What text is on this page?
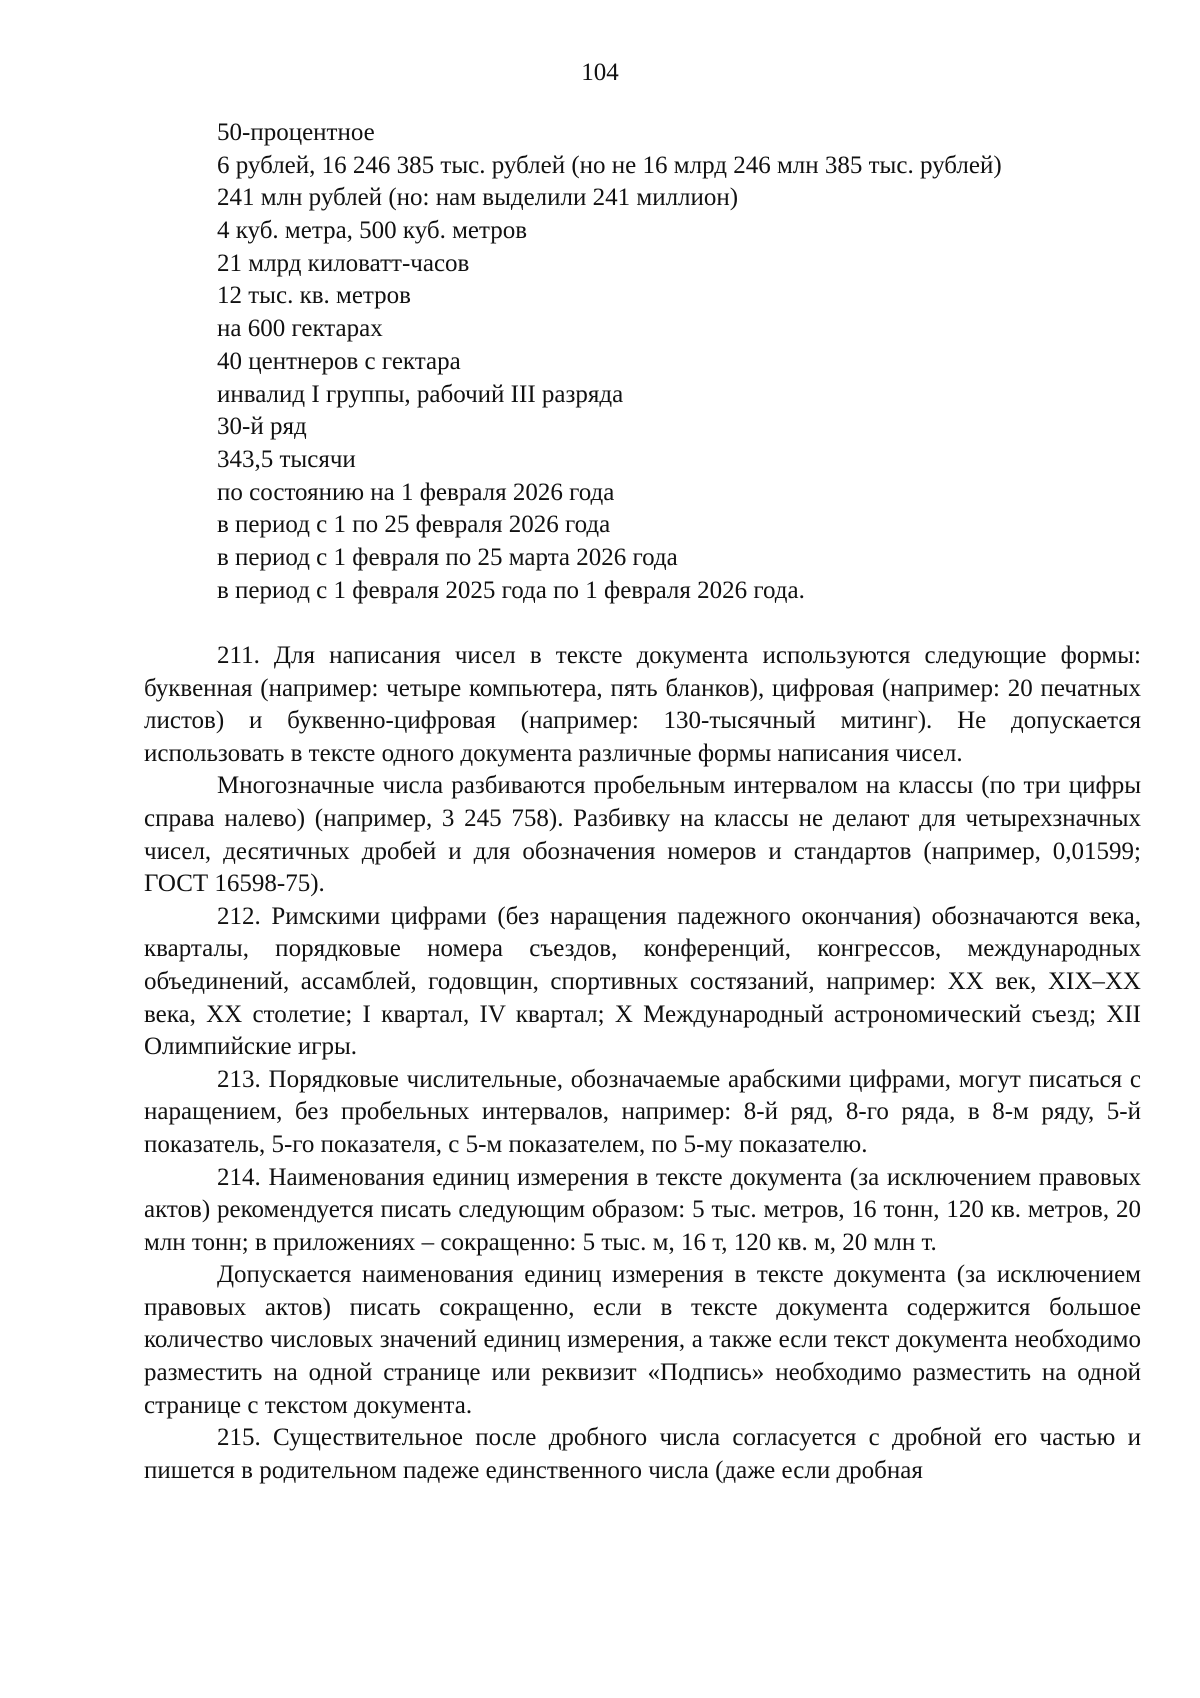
104
50-процентное
6 рублей, 16 246 385 тыс. рублей (но не 16 млрд 246 млн 385 тыс. рублей)
241 млн рублей (но: нам выделили 241 миллион)
4 куб. метра, 500 куб. метров
21 млрд киловатт-часов
12 тыс. кв. метров
на 600 гектарах
40 центнеров с гектара
инвалид I группы, рабочий III разряда
30-й ряд
343,5 тысячи
по состоянию на 1 февраля 2026 года
в период с 1 по 25 февраля 2026 года
в период с 1 февраля по 25 марта 2026 года
в период с 1 февраля 2025 года по 1 февраля 2026 года.

211. Для написания чисел в тексте документа используются следующие формы: буквенная (например: четыре компьютера, пять бланков), цифровая (например: 20 печатных листов) и буквенно-цифровая (например: 130-тысячный митинг). Не допускается использовать в тексте одного документа различные формы написания чисел.

Многозначные числа разбиваются пробельным интервалом на классы (по три цифры справа налево) (например, 3 245 758). Разбивку на классы не делают для четырехзначных чисел, десятичных дробей и для обозначения номеров и стандартов (например, 0,01599; ГОСТ 16598-75).

212. Римскими цифрами (без наращения падежного окончания) обозначаются века, кварталы, порядковые номера съездов, конференций, конгрессов, международных объединений, ассамблей, годовщин, спортивных состязаний, например: XX век, XIX–XX века, XX столетие; I квартал, IV квартал; X Международный астрономический съезд; XII Олимпийские игры.

213. Порядковые числительные, обозначаемые арабскими цифрами, могут писаться с наращением, без пробельных интервалов, например: 8-й ряд, 8-го ряда, в 8-м ряду, 5-й показатель, 5-го показателя, с 5-м показателем, по 5-му показателю.

214. Наименования единиц измерения в тексте документа (за исключением правовых актов) рекомендуется писать следующим образом: 5 тыс. метров, 16 тонн, 120 кв. метров, 20 млн тонн; в приложениях – сокращенно: 5 тыс. м, 16 т, 120 кв. м, 20 млн т.

Допускается наименования единиц измерения в тексте документа (за исключением правовых актов) писать сокращенно, если в тексте документа содержится большое количество числовых значений единиц измерения, а также если текст документа необходимо разместить на одной странице или реквизит «Подпись» необходимо разместить на одной странице с текстом документа.

215. Существительное после дробного числа согласуется с дробной его частью и пишется в родительном падеже единственного числа (даже если дробная
